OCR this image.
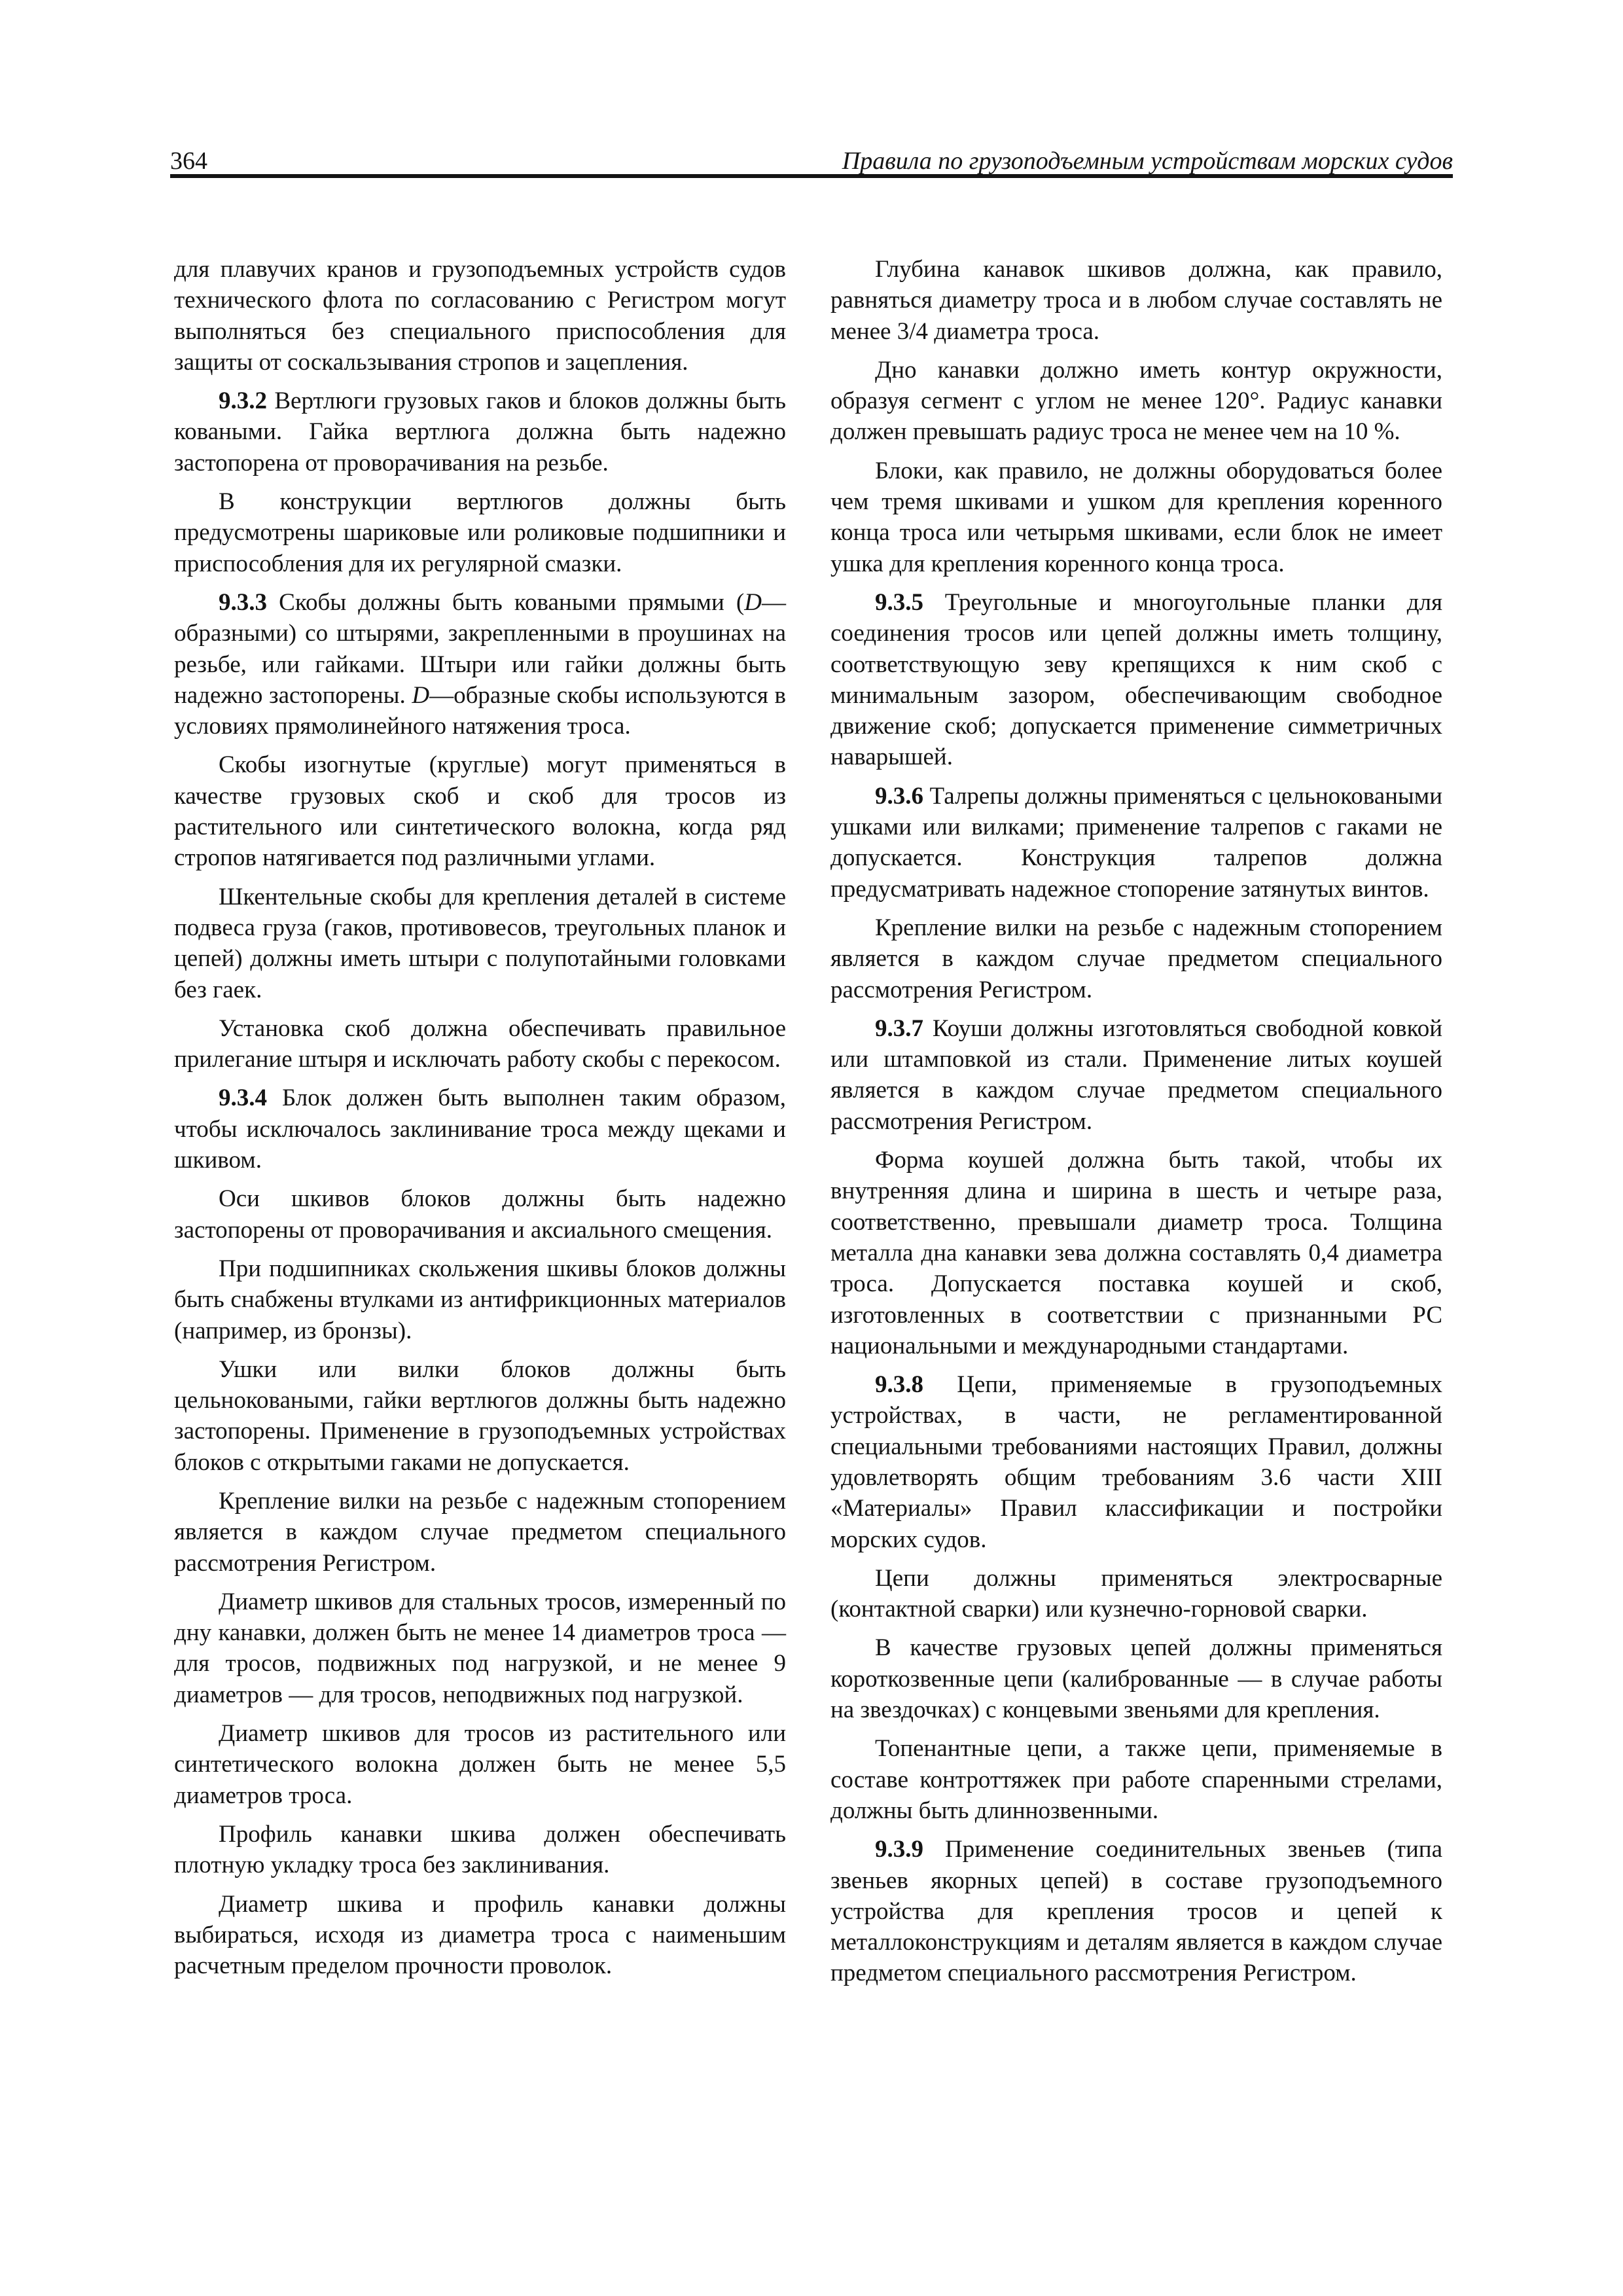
364	Правила по грузоподъемным устройствам морских судов

для плавучих кранов и грузоподъемных устройств судов технического флота по согласованию с Регистром могут выполняться без специального приспособления для защиты от соскальзывания стропов и зацепления.

9.3.2 Вертлюги грузовых гаков и блоков должны быть коваными. Гайка вертлюга должна быть надежно застопорена от проворачивания на резьбе.

В конструкции вертлюгов должны быть предусмотрены шариковые или роликовые подшипники и приспособления для их регулярной смазки.

9.3.3 Скобы должны быть коваными прямыми (D—образными) со штырями, закрепленными в проушинах на резьбе, или гайками. Штыри или гайки должны быть надежно застопорены. D—образные скобы используются в условиях прямолинейного натяжения троса.

Скобы изогнутые (круглые) могут применяться в качестве грузовых скоб и скоб для тросов из растительного или синтетического волокна, когда ряд стропов натягивается под различными углами.

Шкентельные скобы для крепления деталей в системе подвеса груза (гаков, противовесов, треугольных планок и цепей) должны иметь штыри с полупотайными головками без гаек.

Установка скоб должна обеспечивать правильное прилегание штыря и исключать работу скобы с перекосом.

9.3.4 Блок должен быть выполнен таким образом, чтобы исключалось заклинивание троса между щеками и шкивом.

Оси шкивов блоков должны быть надежно застопорены от проворачивания и аксиального смещения.

При подшипниках скольжения шкивы блоков должны быть снабжены втулками из антифрикционных материалов (например, из бронзы).

Ушки или вилки блоков должны быть цельноковаными, гайки вертлюгов должны быть надежно застопорены. Применение в грузоподъемных устройствах блоков с открытыми гаками не допускается.

Крепление вилки на резьбе с надежным стопорением является в каждом случае предметом специального рассмотрения Регистром.

Диаметр шкивов для стальных тросов, измеренный по дну канавки, должен быть не менее 14 диаметров троса — для тросов, подвижных под нагрузкой, и не менее 9 диаметров — для тросов, неподвижных под нагрузкой.

Диаметр шкивов для тросов из растительного или синтетического волокна должен быть не менее 5,5 диаметров троса.

Профиль канавки шкива должен обеспечивать плотную укладку троса без заклинивания.

Диаметр шкива и профиль канавки должны выбираться, исходя из диаметра троса с наименьшим расчетным пределом прочности проволок.

Глубина канавок шкивов должна, как правило, равняться диаметру троса и в любом случае составлять не менее 3/4 диаметра троса.

Дно канавки должно иметь контур окружности, образуя сегмент с углом не менее 120°. Радиус канавки должен превышать радиус троса не менее чем на 10 %.

Блоки, как правило, не должны оборудоваться более чем тремя шкивами и ушком для крепления коренного конца троса или четырьмя шкивами, если блок не имеет ушка для крепления коренного конца троса.

9.3.5 Треугольные и многоугольные планки для соединения тросов или цепей должны иметь толщину, соответствующую зеву крепящихся к ним скоб с минимальным зазором, обеспечивающим свободное движение скоб; допускается применение симметричных наварышей.

9.3.6 Талрепы должны применяться с цельноковаными ушками или вилками; применение талрепов с гаками не допускается. Конструкция талрепов должна предусматривать надежное стопорение затянутых винтов.

Крепление вилки на резьбе с надежным стопорением является в каждом случае предметом специального рассмотрения Регистром.

9.3.7 Коуши должны изготовляться свободной ковкой или штамповкой из стали. Применение литых коушей является в каждом случае предметом специального рассмотрения Регистром.

Форма коушей должна быть такой, чтобы их внутренняя длина и ширина в шесть и четыре раза, соответственно, превышали диаметр троса. Толщина металла дна канавки зева должна составлять 0,4 диаметра троса. Допускается поставка коушей и скоб, изготовленных в соответствии с признанными РС национальными и международными стандартами.

9.3.8 Цепи, применяемые в грузоподъемных устройствах, в части, не регламентированной специальными требованиями настоящих Правил, должны удовлетворять общим требованиям 3.6 части XIII «Материалы» Правил классификации и постройки морских судов.

Цепи должны применяться электросварные (контактной сварки) или кузнечно-горновой сварки.

В качестве грузовых цепей должны применяться короткозвенные цепи (калиброванные — в случае работы на звездочках) с концевыми звеньями для крепления.

Топенантные цепи, а также цепи, применяемые в составе контроттяжек при работе спаренными стрелами, должны быть длиннозвенными.

9.3.9 Применение соединительных звеньев (типа звеньев якорных цепей) в составе грузоподъемного устройства для крепления тросов и цепей к металлоконструкциям и деталям является в каждом случае предметом специального рассмотрения Регистром.
